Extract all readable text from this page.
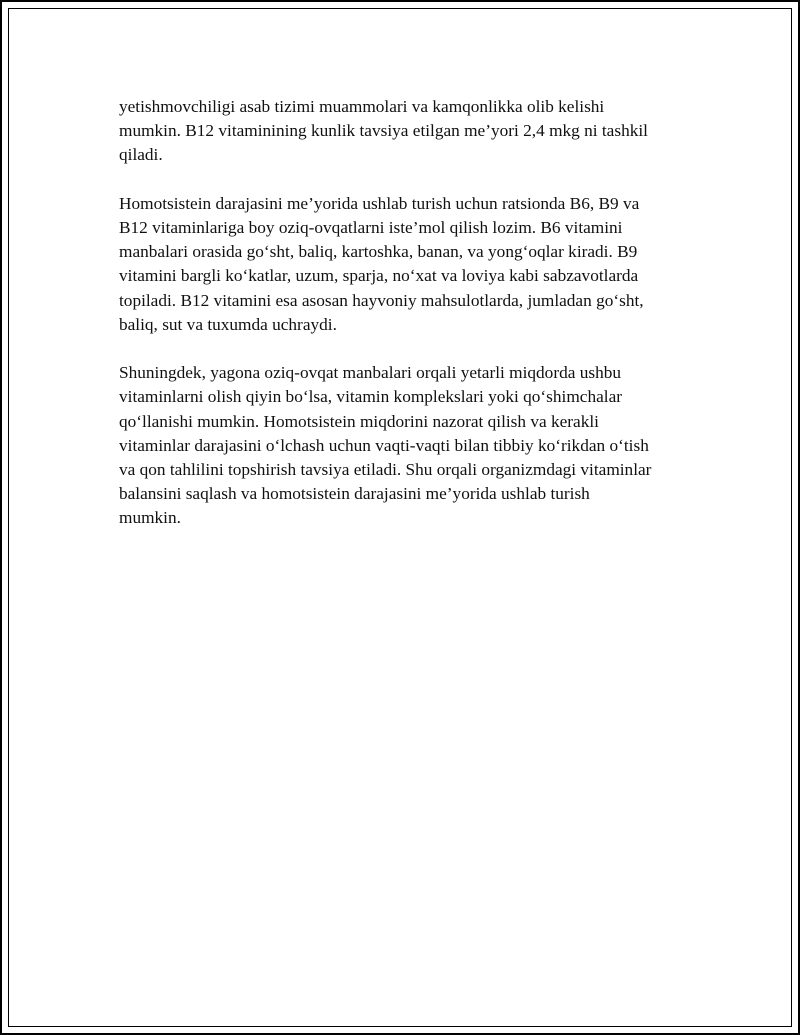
yetishmovchiligi asab tizimi muammolari va kamqonlikka olib kelishi
mumkin. B12 vitaminining kunlik tavsiya etilgan me’yori 2,4 mkg ni tashkil
qiladi.

Homotsistein darajasini me’yorida ushlab turish uchun ratsionda B6, B9 va
B12 vitaminlariga boy oziq-ovqatlarni iste’mol qilish lozim. B6 vitamini
manbalari orasida go‘sht, baliq, kartoshka, banan, va yong‘oqlar kiradi. B9
vitamini bargli ko‘katlar, uzum, sparja, no‘xat va loviya kabi sabzavotlarda
topiladi. B12 vitamini esa asosan hayvoniy mahsulotlarda, jumladan go‘sht,
baliq, sut va tuxumda uchraydi.

Shuningdek, yagona oziq-ovqat manbalari orqali yetarli miqdorda ushbu
vitaminlarni olish qiyin bo‘lsa, vitamin komplekslari yoki qo‘shimchalar
qo‘llanishi mumkin. Homotsistein miqdorini nazorat qilish va kerakli
vitaminlar darajasini o‘lchash uchun vaqti-vaqti bilan tibbiy ko‘rikdan o‘tish
va qon tahlilini topshirish tavsiya etiladi. Shu orqali organizmdagi vitaminlar
balansini saqlash va homotsistein darajasini me’yorida ushlab turish
mumkin.
